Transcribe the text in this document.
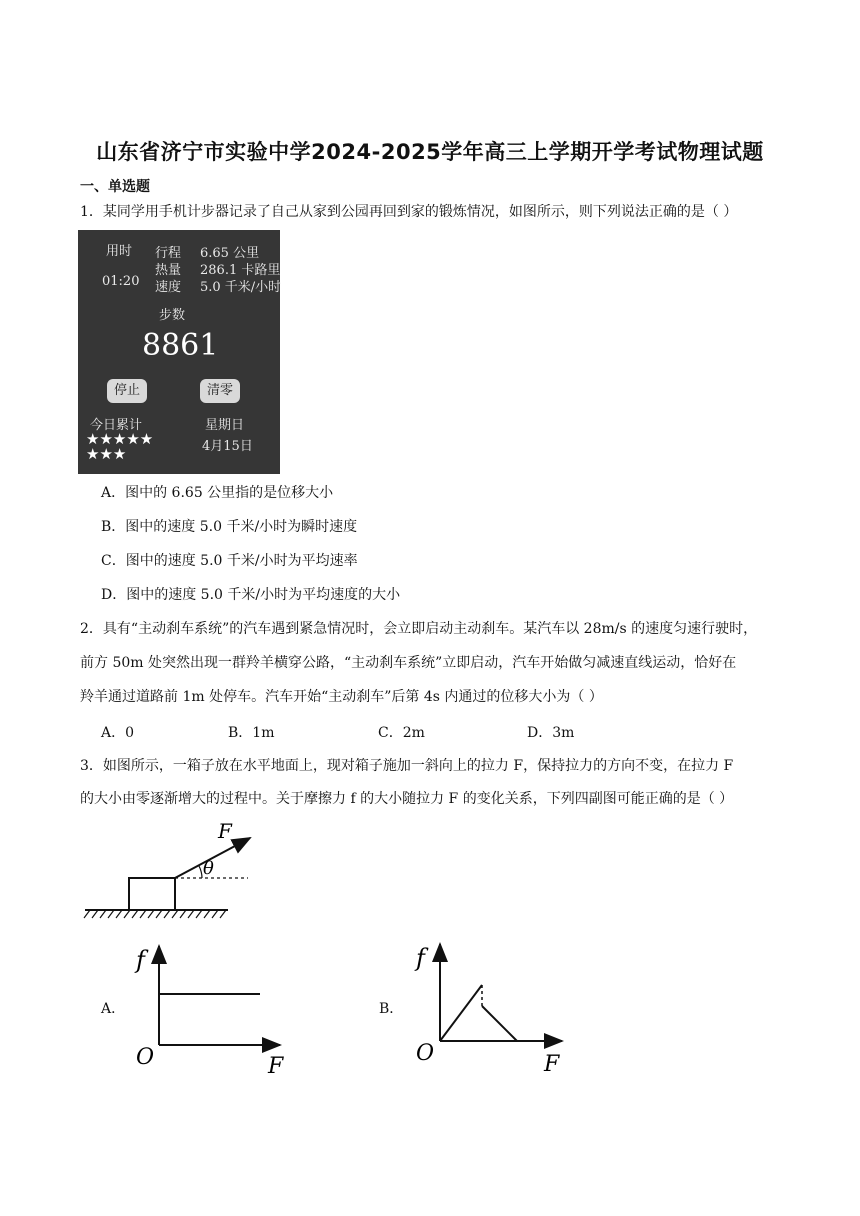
山东省济宁市实验中学2024-2025学年高三上学期开学考试物理试题
一、单选题
1．某同学用手机计步器记录了自己从家到公园再回到家的锻炼情况，如图所示，则下列说法正确的是（ ）
用时
01:20
行程 6.65 公里
热量 286.1 卡路里
速度 5.0 千米/小时
步数
8861
停止	清零
今日累计
★★★★★
★★★
星期日
4月15日
A．图中的 6.65 公里指的是位移大小
B．图中的速度 5.0 千米/小时为瞬时速度
C．图中的速度 5.0 千米/小时为平均速率
D．图中的速度 5.0 千米/小时为平均速度的大小
2．具有“主动刹车系统”的汽车遇到紧急情况时，会立即启动主动刹车。某汽车以 28m/s 的速度匀速行驶时，
前方 50m 处突然出现一群羚羊横穿公路，“主动刹车系统”立即启动，汽车开始做匀减速直线运动，恰好在
羚羊通过道路前 1m 处停车。汽车开始“主动刹车”后第 4s 内通过的位移大小为（ ）
A．0	B．1m	C．2m	D．3m
3．如图所示，一箱子放在水平地面上，现对箱子施加一斜向上的拉力 F，保持拉力的方向不变，在拉力 F
的大小由零逐渐增大的过程中。关于摩擦力 f 的大小随拉力 F 的变化关系，下列四副图可能正确的是（ ）
F
θ
A．
f
O	F
B．
f
O	F
